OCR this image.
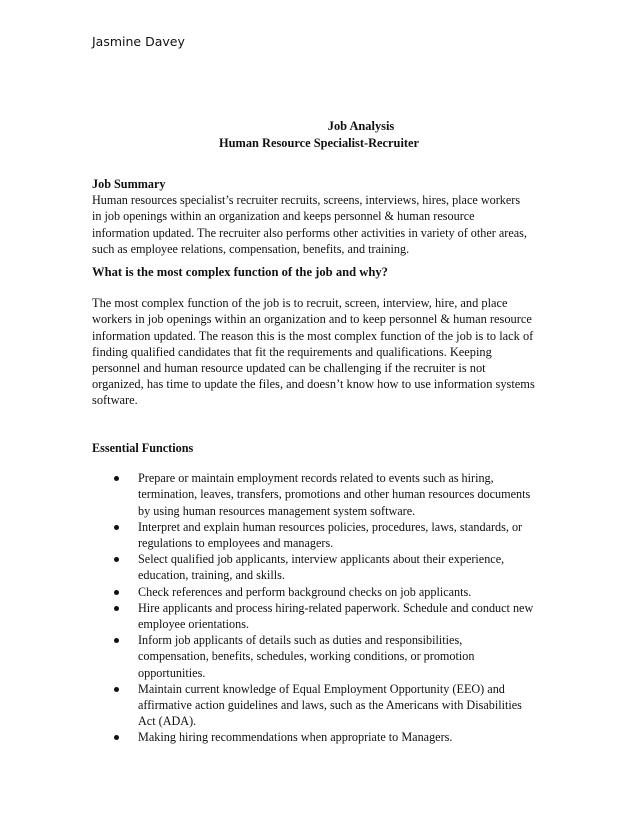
Jasmine Davey
Job Analysis
Human Resource Specialist-Recruiter
Job Summary
Human resources specialist’s recruiter recruits, screens, interviews, hires, place workers
in job openings within an organization and keeps personnel & human resource
information updated. The recruiter also performs other activities in variety of other areas,
such as employee relations, compensation, benefits, and training.
What is the most complex function of the job and why?
The most complex function of the job is to recruit, screen, interview, hire, and place
workers in job openings within an organization and to keep personnel & human resource
information updated. The reason this is the most complex function of the job is to lack of
finding qualified candidates that fit the requirements and qualifications. Keeping
personnel and human resource updated can be challenging if the recruiter is not
organized, has time to update the files, and doesn’t know how to use information systems
software.
Essential Functions
Prepare or maintain employment records related to events such as hiring,
termination, leaves, transfers, promotions and other human resources documents
by using human resources management system software.
Interpret and explain human resources policies, procedures, laws, standards, or
regulations to employees and managers.
Select qualified job applicants, interview applicants about their experience,
education, training, and skills.
Check references and perform background checks on job applicants.
Hire applicants and process hiring-related paperwork. Schedule and conduct new
employee orientations.
Inform job applicants of details such as duties and responsibilities,
compensation, benefits, schedules, working conditions, or promotion
opportunities.
Maintain current knowledge of Equal Employment Opportunity (EEO) and
affirmative action guidelines and laws, such as the Americans with Disabilities
Act (ADA).
Making hiring recommendations when appropriate to Managers.
